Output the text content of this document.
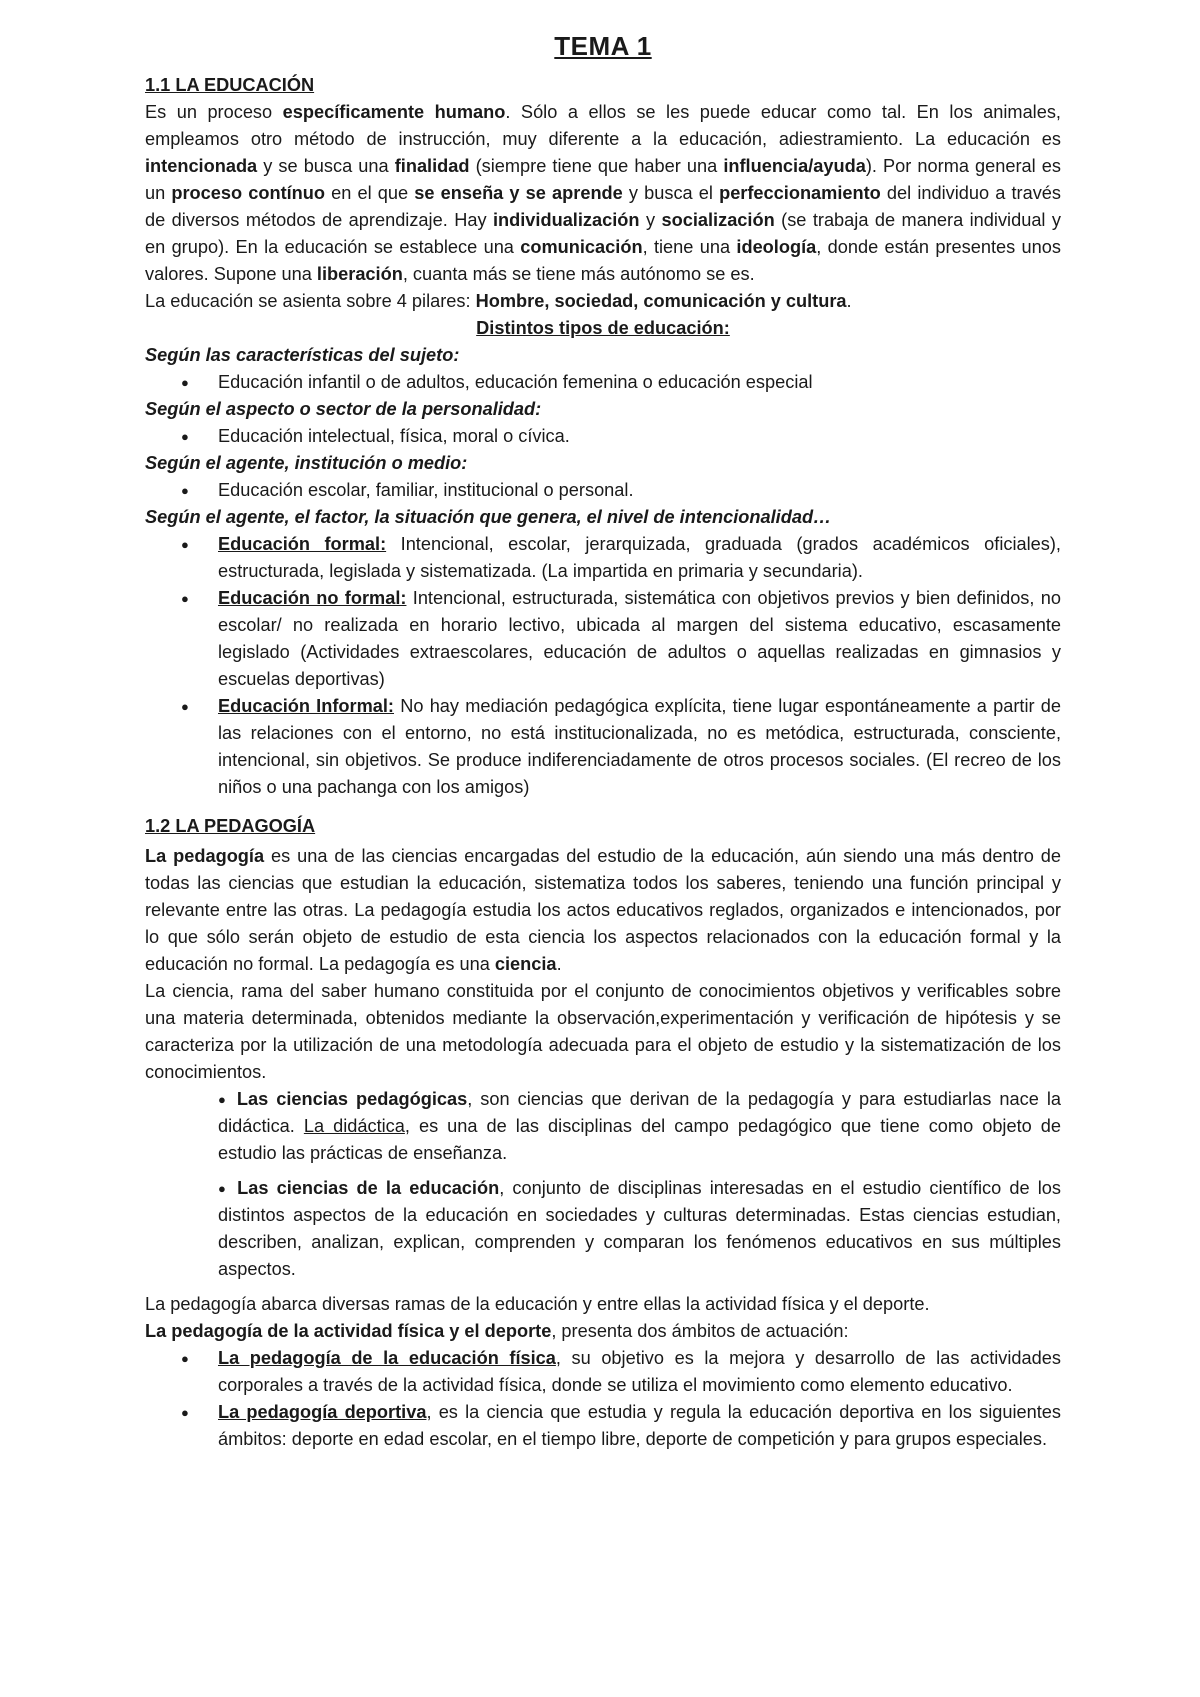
TEMA 1
1.1 LA EDUCACIÓN

Es un proceso específicamente humano. Sólo a ellos se les puede educar como tal. En los animales, empleamos otro método de instrucción, muy diferente a la educación, adiestramiento. La educación es intencionada y se busca una finalidad (siempre tiene que haber una influencia/ayuda). Por norma general es un proceso contínuo en el que se enseña y se aprende y busca el perfeccionamiento del individuo a través de diversos métodos de aprendizaje. Hay individualización y socialización (se trabaja de manera individual y en grupo). En la educación se establece una comunicación, tiene una ideología, donde están presentes unos valores. Supone una liberación, cuanta más se tiene más autónomo se es.

La educación se asienta sobre 4 pilares: Hombre, sociedad, comunicación y cultura.

Distintos tipos de educación:
Según las características del sujeto:
● Educación infantil o de adultos, educación femenina o educación especial
Según el aspecto o sector de la personalidad:
● Educación intelectual, física, moral o cívica.
Según el agente, institución o medio:
● Educación escolar, familiar, institucional o personal.
Según el agente, el factor, la situación que genera, el nivel de intencionalidad…
● Educación formal: Intencional, escolar, jerarquizada, graduada (grados académicos oficiales), estructurada, legislada y sistematizada. (La impartida en primaria y secundaria).
● Educación no formal: Intencional, estructurada, sistemática con objetivos previos y bien definidos, no escolar/ no realizada en horario lectivo, ubicada al margen del sistema educativo, escasamente legislado (Actividades extraescolares, educación de adultos o aquellas realizadas en gimnasios y escuelas deportivas)
● Educación Informal: No hay mediación pedagógica explícita, tiene lugar espontáneamente a partir de las relaciones con el entorno, no está institucionalizada, no es metódica, estructurada, consciente, intencional, sin objetivos. Se produce indiferenciadamente de otros procesos sociales. (El recreo de los niños o una pachanga con los amigos)
1.2 LA PEDAGOGÍA

La pedagogía es una de las ciencias encargadas del estudio de la educación, aún siendo una más dentro de todas las ciencias que estudian la educación, sistematiza todos los saberes, teniendo una función principal y relevante entre las otras. La pedagogía estudia los actos educativos reglados, organizados e intencionados, por lo que sólo serán objeto de estudio de esta ciencia los aspectos relacionados con la educación formal y la educación no formal. La pedagogía es una ciencia.

La ciencia, rama del saber humano constituida por el conjunto de conocimientos objetivos y verificables sobre una materia determinada, obtenidos mediante la observación,experimentación y verificación de hipótesis y se caracteriza por la utilización de una metodología adecuada para el objeto de estudio y la sistematización de los conocimientos.

● Las ciencias pedagógicas, son ciencias que derivan de la pedagogía y para estudiarlas nace la didáctica. La didáctica, es una de las disciplinas del campo pedagógico que tiene como objeto de estudio las prácticas de enseñanza.

● Las ciencias de la educación, conjunto de disciplinas interesadas en el estudio científico de los distintos aspectos de la educación en sociedades y culturas determinadas. Estas ciencias estudian, describen, analizan, explican, comprenden y comparan los fenómenos educativos en sus múltiples aspectos.

La pedagogía abarca diversas ramas de la educación y entre ellas la actividad física y el deporte.

La pedagogía de la actividad física y el deporte, presenta dos ámbitos de actuación:

● La pedagogía de la educación física, su objetivo es la mejora y desarrollo de las actividades corporales a través de la actividad física, donde se utiliza el movimiento como elemento educativo.
● La pedagogía deportiva, es la ciencia que estudia y regula la educación deportiva en los siguientes ámbitos: deporte en edad escolar, en el tiempo libre, deporte de competición y para grupos especiales.
